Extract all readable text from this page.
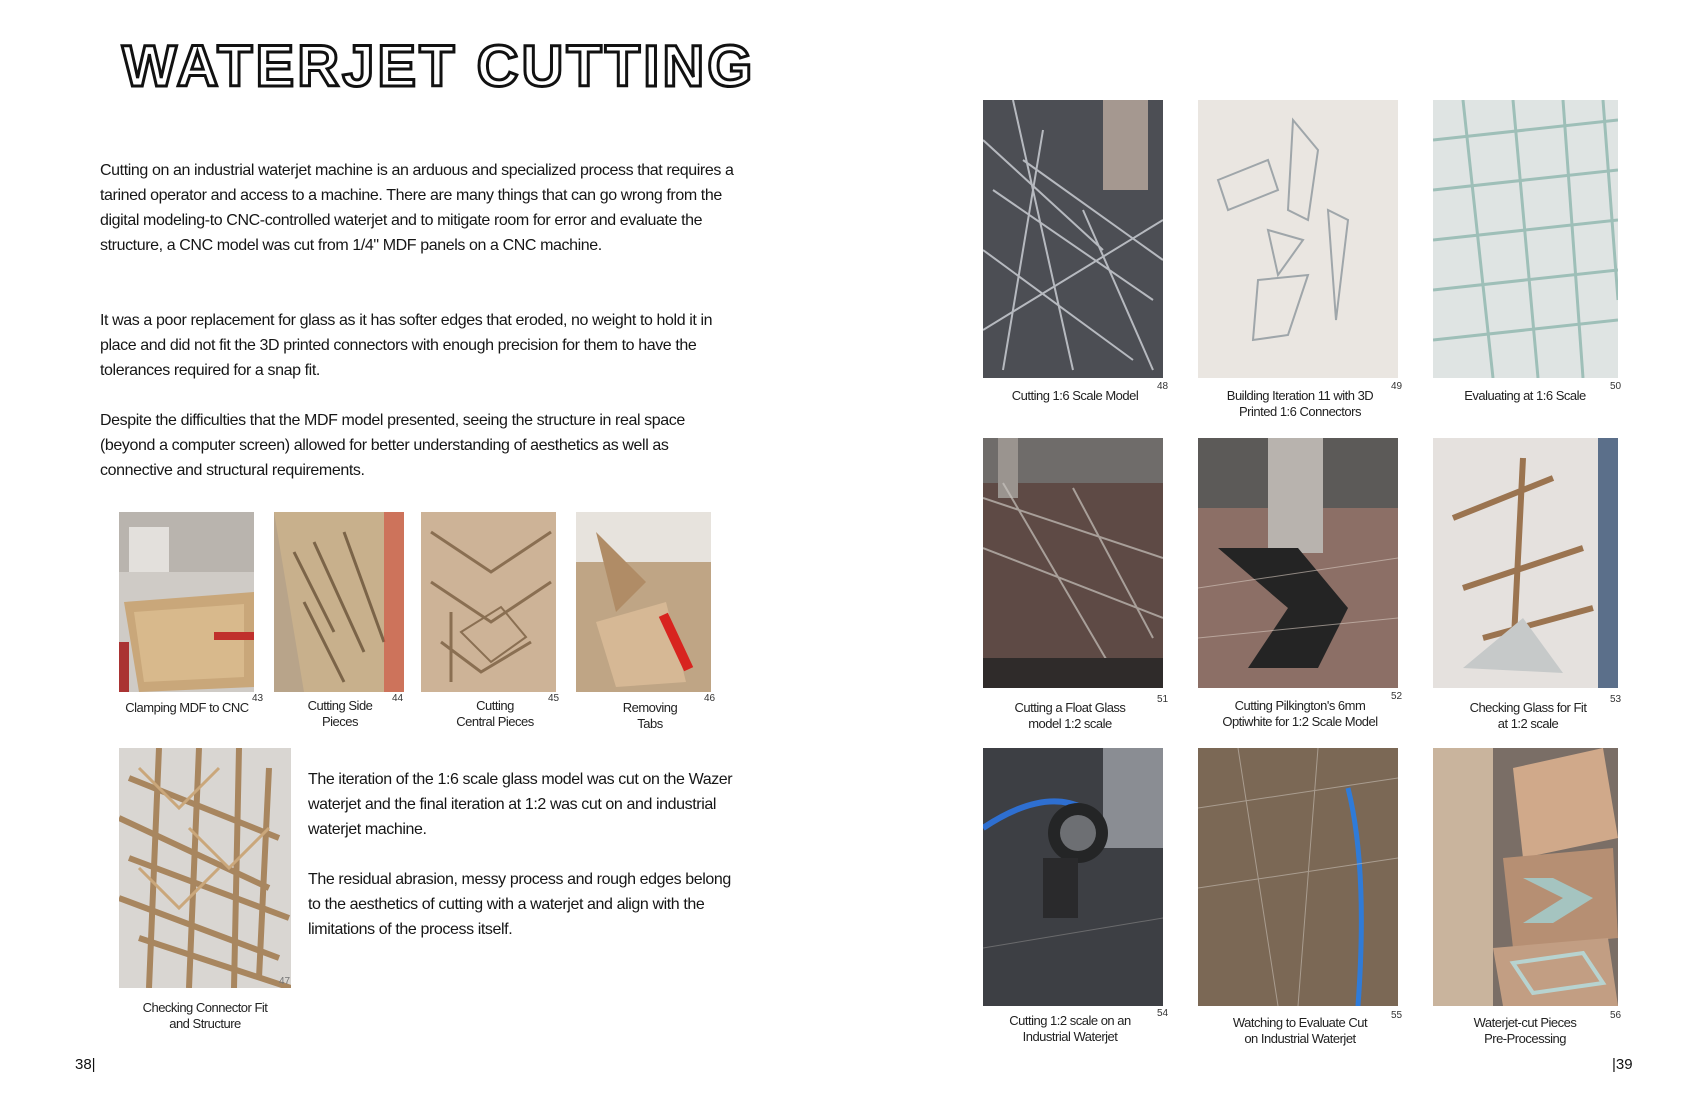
WATERJET CUTTING

Cutting on an industrial waterjet machine is an arduous and specialized process that requires a tarined operator and access to a machine. There are many things that can go wrong from the digital modeling-to CNC-controlled waterjet and to mitigate room for error and evaluate the structure, a CNC model was cut from 1/4" MDF panels on a CNC machine.

It was a poor replacement for glass as it has softer edges that eroded, no weight to hold it in place and did not fit the 3D printed connectors with enough precision for them to have the tolerances required for a snap fit.

Despite the difficulties that the MDF model presented, seeing the structure in real space (beyond a computer screen) allowed for better understanding of aesthetics as well as connective and structural requirements.

Clamping MDF to CNC
43	Cutting Side
Pieces
44	Cutting
Central Pieces
45
Removing
Tabs
46
47
Checking Connector Fit
and Structure

The iteration of the 1:6 scale glass model was cut on the Wazer waterjet and the final iteration at 1:2 was cut on and industrial waterjet machine.

The residual abrasion, messy process and rough edges belong to the aesthetics of cutting with a waterjet and align with the limitations of the process itself.

38|
Cutting 1:6 Scale Model
48
Building Iteration 11 with 3D
Printed 1:6 Connectors
49
Evaluating at 1:6 Scale
50
Cutting a Float Glass
model 1:2 scale
51	Cutting Pilkington's 6mm
Optiwhite for 1:2 Scale Model
52
Checking Glass for Fit
at 1:2 scale
53
Cutting 1:2 scale on an
Industrial Waterjet
54
Watching to Evaluate Cut
on Industrial Waterjet
55	Waterjet-cut Pieces
Pre-Processing
56
|39
